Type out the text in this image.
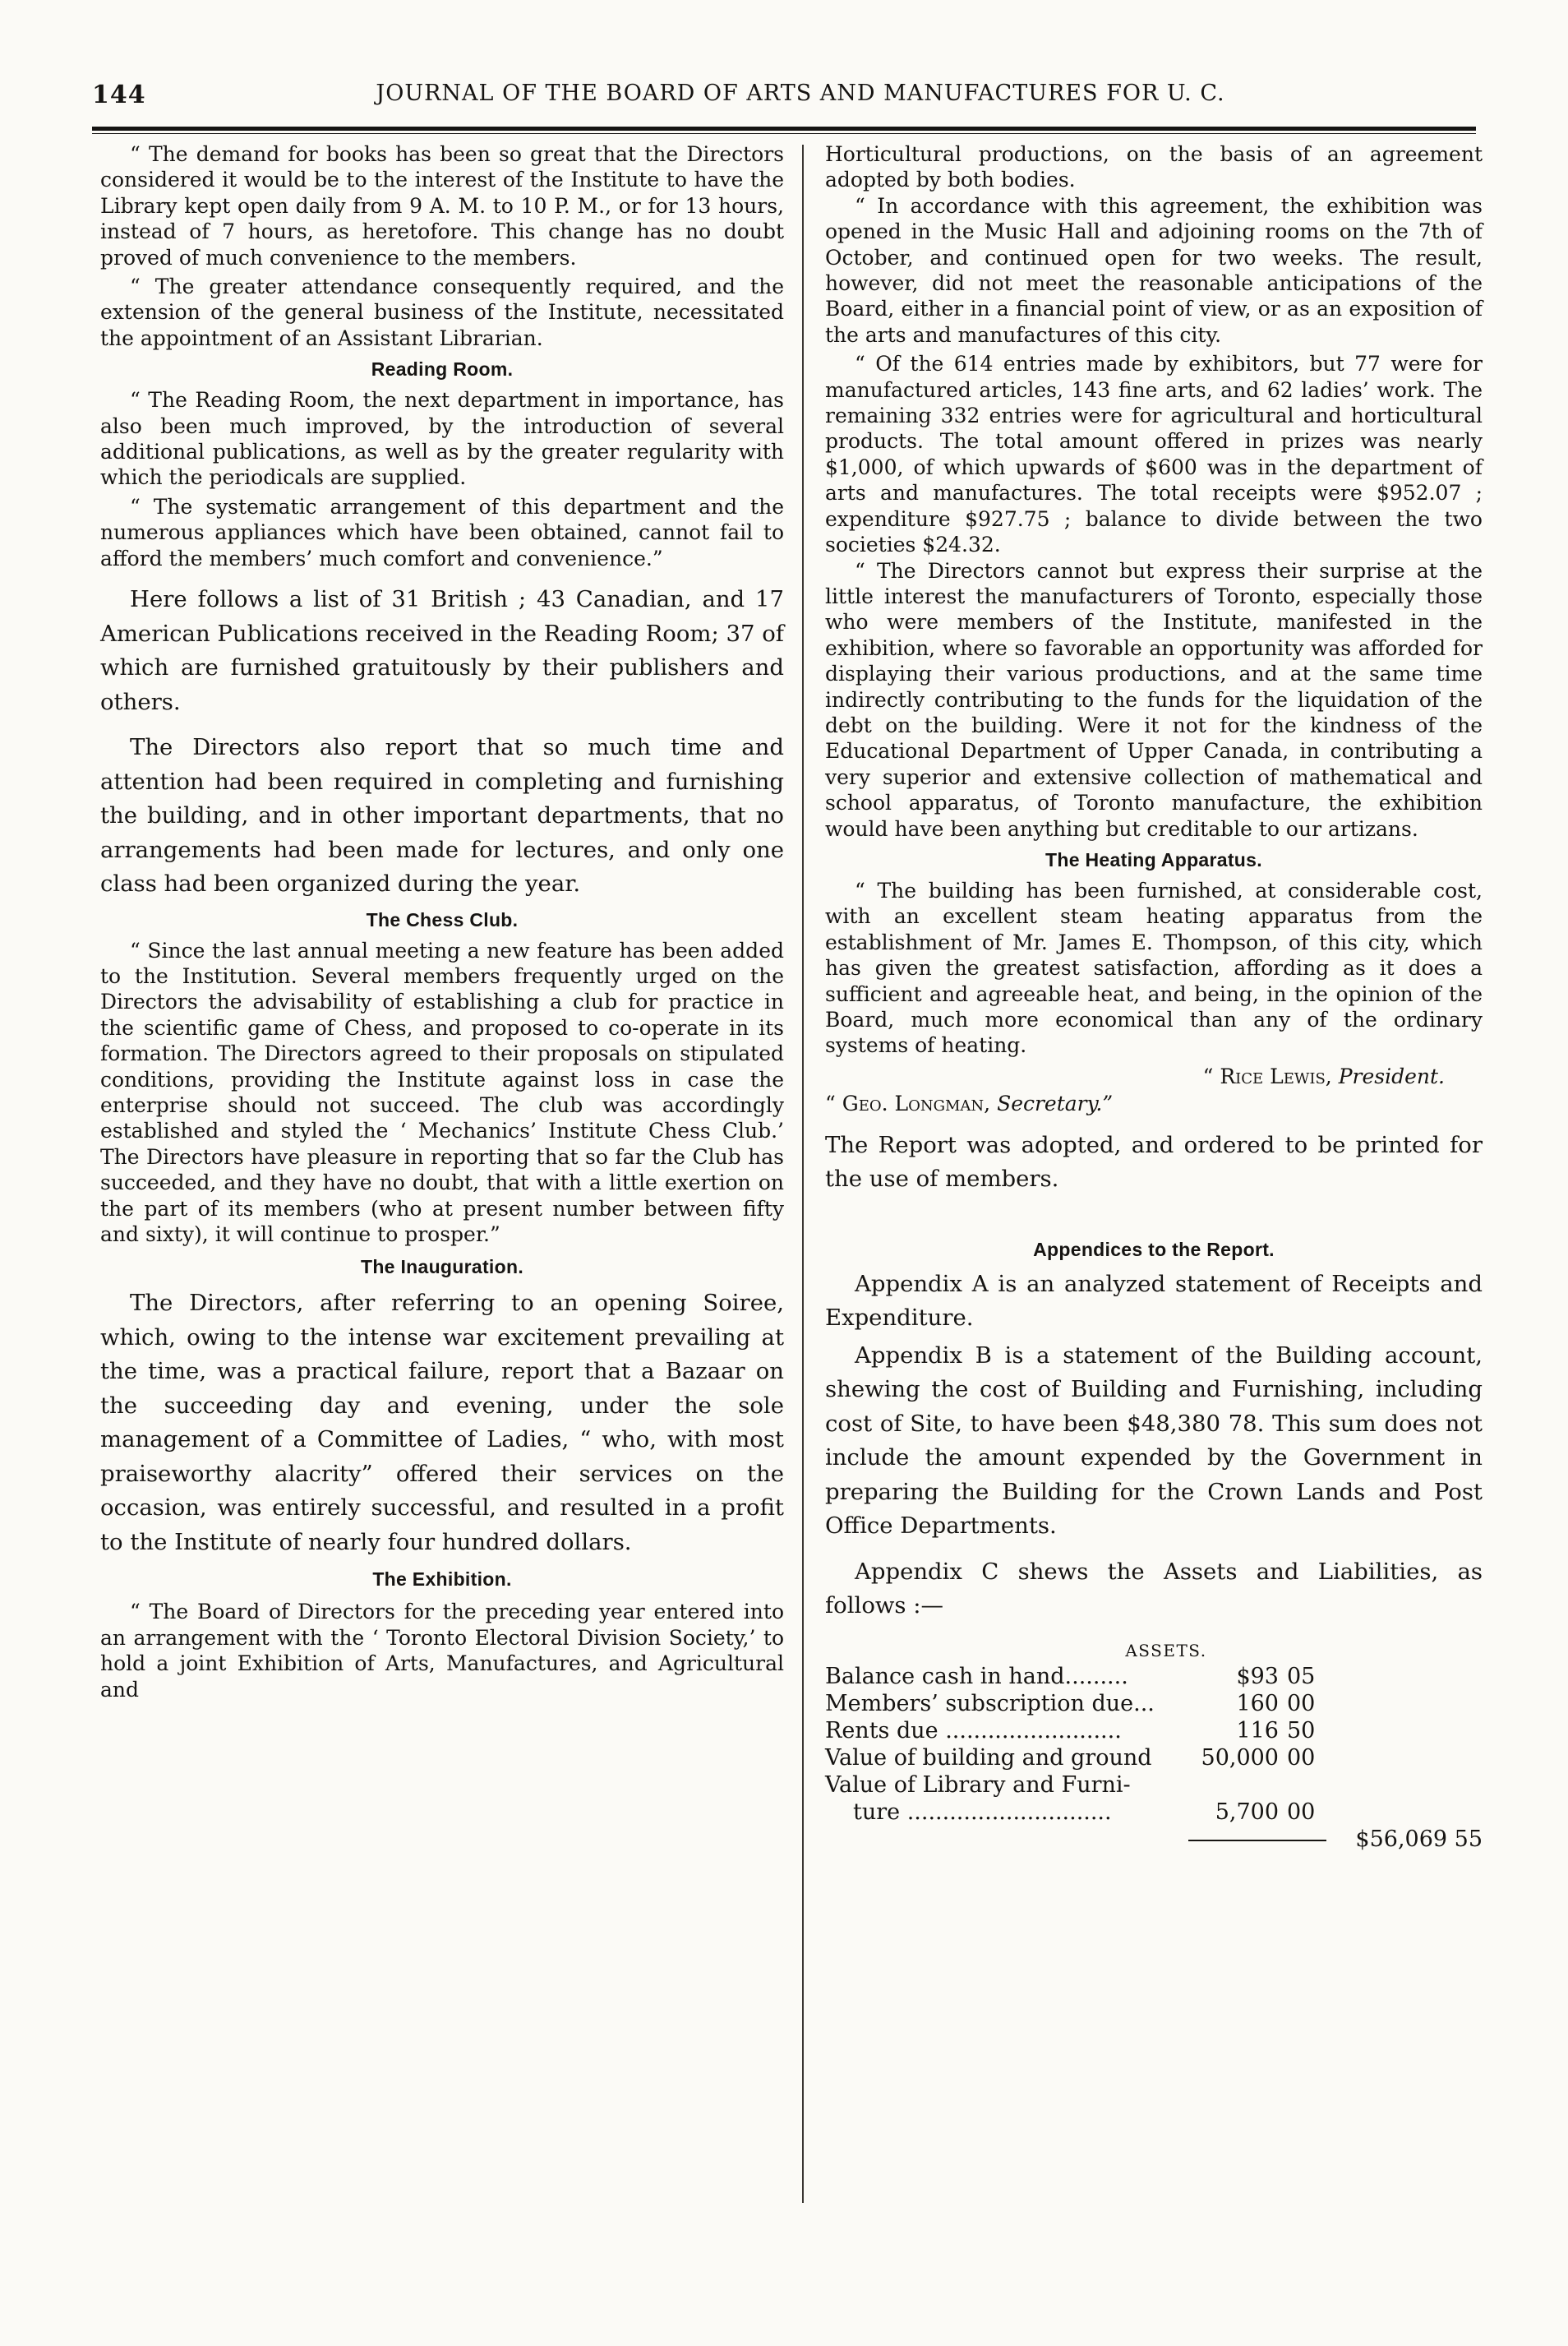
144	JOURNAL OF THE BOARD OF ARTS AND MANUFACTURES FOR U. C.

“ The demand for books has been so great that the Directors considered it would be to the interest of the Institute to have the Library kept open daily from 9 A. M. to 10 P. M., or for 13 hours, instead of 7 hours, as heretofore. This change has no doubt proved of much convenience to the members.

“ The greater attendance consequently required, and the extension of the general business of the Institute, necessitated the appointment of an Assistant Librarian.

Reading Room.

“ The Reading Room, the next department in importance, has also been much improved, by the introduction of several additional publications, as well as by the greater regularity with which the periodicals are supplied.

“ The systematic arrangement of this department and the numerous appliances which have been obtained, cannot fail to afford the members’ much comfort and convenience.”

Here follows a list of 31 British ; 43 Canadian, and 17 American Publications received in the Reading Room; 37 of which are furnished gratuitously by their publishers and others.

The Directors also report that so much time and attention had been required in completing and furnishing the building, and in other important departments, that no arrangements had been made for lectures, and only one class had been organized during the year.

The Chess Club.

“ Since the last annual meeting a new feature has been added to the Institution. Several members frequently urged on the Directors the advisability of establishing a club for practice in the scientific game of Chess, and proposed to co-operate in its formation. The Directors agreed to their proposals on stipulated conditions, providing the Institute against loss in case the enterprise should not succeed. The club was accordingly established and styled the ‘ Mechanics’ Institute Chess Club.’ The Directors have pleasure in reporting that so far the Club has succeeded, and they have no doubt, that with a little exertion on the part of its members (who at present number between fifty and sixty), it will continue to prosper.”

The Inauguration.

The Directors, after referring to an opening Soiree, which, owing to the intense war excitement prevailing at the time, was a practical failure, report that a Bazaar on the succeeding day and evening, under the sole management of a Committee of Ladies, “ who, with most praiseworthy alacrity” offered their services on the occasion, was entirely successful, and resulted in a profit to the Institute of nearly four hundred dollars.

The Exhibition.

“ The Board of Directors for the preceding year entered into an arrangement with the ‘ Toronto Electoral Division Society,’ to hold a joint Exhibition of Arts, Manufactures, and Agricultural and

Horticultural productions, on the basis of an agreement adopted by both bodies.

“ In accordance with this agreement, the exhibition was opened in the Music Hall and adjoining rooms on the 7th of October, and continued open for two weeks. The result, however, did not meet the reasonable anticipations of the Board, either in a financial point of view, or as an exposition of the arts and manufactures of this city.

“ Of the 614 entries made by exhibitors, but 77 were for manufactured articles, 143 fine arts, and 62 ladies’ work. The remaining 332 entries were for agricultural and horticultural products. The total amount offered in prizes was nearly $1,000, of which upwards of $600 was in the department of arts and manufactures. The total receipts were $952.07 ; expenditure $927.75 ; balance to divide between the two societies $24.32.

“ The Directors cannot but express their surprise at the little interest the manufacturers of Toronto, especially those who were members of the Institute, manifested in the exhibition, where so favorable an opportunity was afforded for displaying their various productions, and at the same time indirectly contributing to the funds for the liquidation of the debt on the building. Were it not for the kindness of the Educational Department of Upper Canada, in contributing a very superior and extensive collection of mathematical and school apparatus, of Toronto manufacture, the exhibition would have been anything but creditable to our artizans.

The Heating Apparatus.

“ The building has been furnished, at considerable cost, with an excellent steam heating apparatus from the establishment of Mr. James E. Thompson, of this city, which has given the greatest satisfaction, affording as it does a sufficient and agreeable heat, and being, in the opinion of the Board, much more economical than any of the ordinary systems of heating.

“ Rice Lewis, President.

“ Geo. Longman, Secretary.”

The Report was adopted, and ordered to be printed for the use of members.

Appendices to the Report.

Appendix A is an analyzed statement of Receipts and Expenditure.

Appendix B is a statement of the Building account, shewing the cost of Building and Furnishing, including cost of Site, to have been $48,380 78. This sum does not include the amount expended by the Government in preparing the Building for the Crown Lands and Post Office Departments.

Appendix C shews the Assets and Liabilities, as follows :—

ASSETS.
Balance cash in hand.........	$93 05
Members’ subscription due...	160 00
Rents due .........................	116 50
Value of building and ground	50,000 00
Value of Library and Furni-
ture .............................	5,700 00
$56,069 55
